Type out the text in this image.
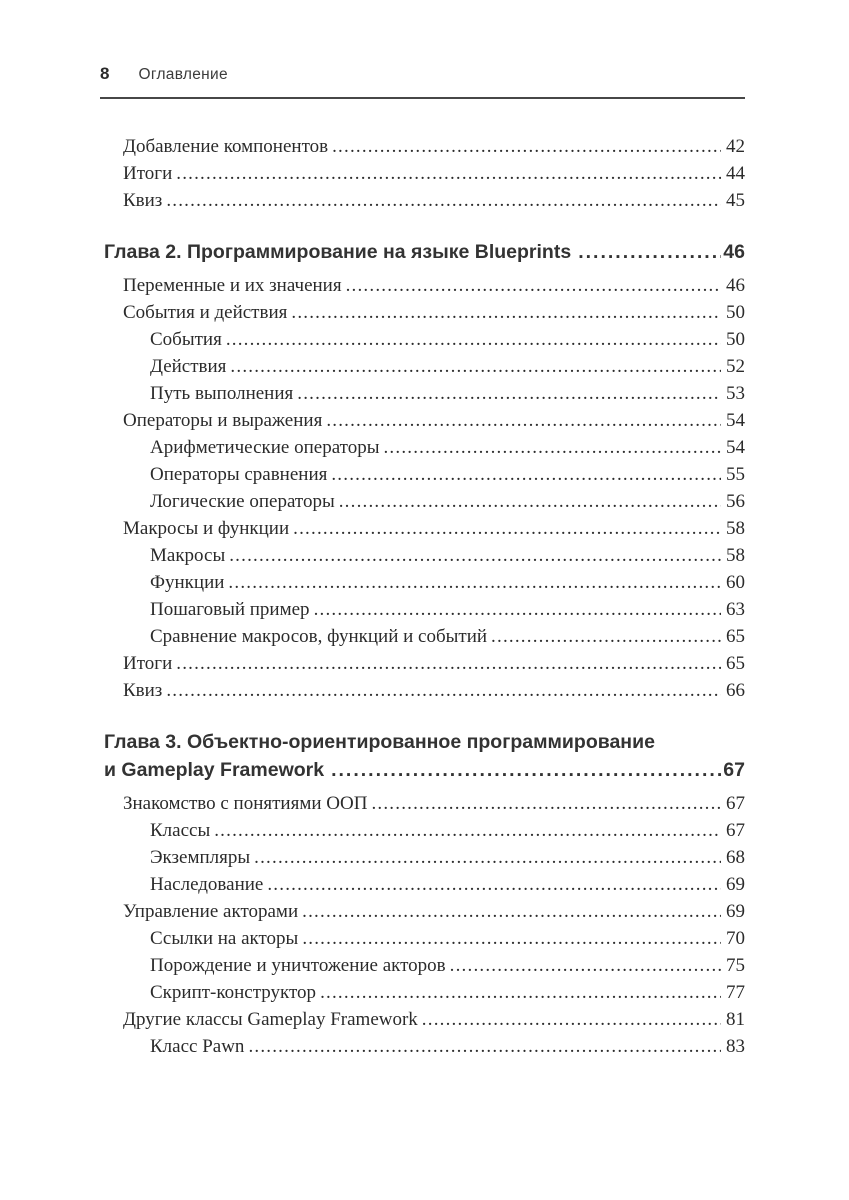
8 Оглавление
Добавление компонентов .....	42
Итоги .....	44
Квиз .....	45
Глава 2. Программирование на языке Blueprints .....	46
Переменные и их значения .....	46
События и действия .....	50
События .....	50
Действия .....	52
Путь выполнения .....	53
Операторы и выражения .....	54
Арифметические операторы .....	54
Операторы сравнения .....	55
Логические операторы .....	56
Макросы и функции .....	58
Макросы .....	58
Функции .....	60
Пошаговый пример .....	63
Сравнение макросов, функций и событий .....	65
Итоги .....	65
Квиз .....	66
Глава 3. Объектно-ориентированное программирование
и Gameplay Framework .....	67
Знакомство с понятиями ООП .....	67
Классы .....	67
Экземпляры .....	68
Наследование .....	69
Управление акторами .....	69
Ссылки на акторы .....	70
Порождение и уничтожение акторов .....	75
Скрипт-конструктор .....	77
Другие классы Gameplay Framework .....	81
Класс Pawn .....	83
